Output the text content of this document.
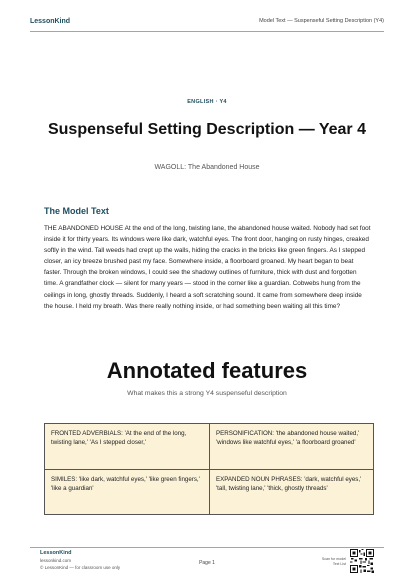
LessonKind	Model Text — Suspenseful Setting Description (Y4)
ENGLISH · Y4
Suspenseful Setting Description — Year 4
WAGOLL: The Abandoned House
The Model Text
THE ABANDONED HOUSE At the end of the long, twisting lane, the abandoned house waited. Nobody had set foot inside it for thirty years. Its windows were like dark, watchful eyes. The front door, hanging on rusty hinges, creaked softly in the wind. Tall weeds had crept up the walls, hiding the cracks in the bricks like green fingers. As I stepped closer, an icy breeze brushed past my face. Somewhere inside, a floorboard groaned. My heart began to beat faster. Through the broken windows, I could see the shadowy outlines of furniture, thick with dust and forgotten time. A grandfather clock — silent for many years — stood in the corner like a guardian. Cobwebs hung from the ceilings in long, ghostly threads. Suddenly, I heard a soft scratching sound. It came from somewhere deep inside the house. I held my breath. Was there really nothing inside, or had something been waiting all this time?
Annotated features
What makes this a strong Y4 suspenseful description
FRONTED ADVERBIALS: 'At the end of the long, twisting lane,' 'As I stepped closer,'
PERSONIFICATION: 'the abandoned house waited,' 'windows like watchful eyes,' 'a floorboard groaned'
SIMILES: 'like dark, watchful eyes,' 'like green fingers,' 'like a guardian'
EXPANDED NOUN PHRASES: 'dark, watchful eyes,' 'tall, twisting lane,' 'thick, ghostly threads'
LessonKind
lessonkind.com
© LessonKind — for classroom use only
Page 1
Scan for model Text List
